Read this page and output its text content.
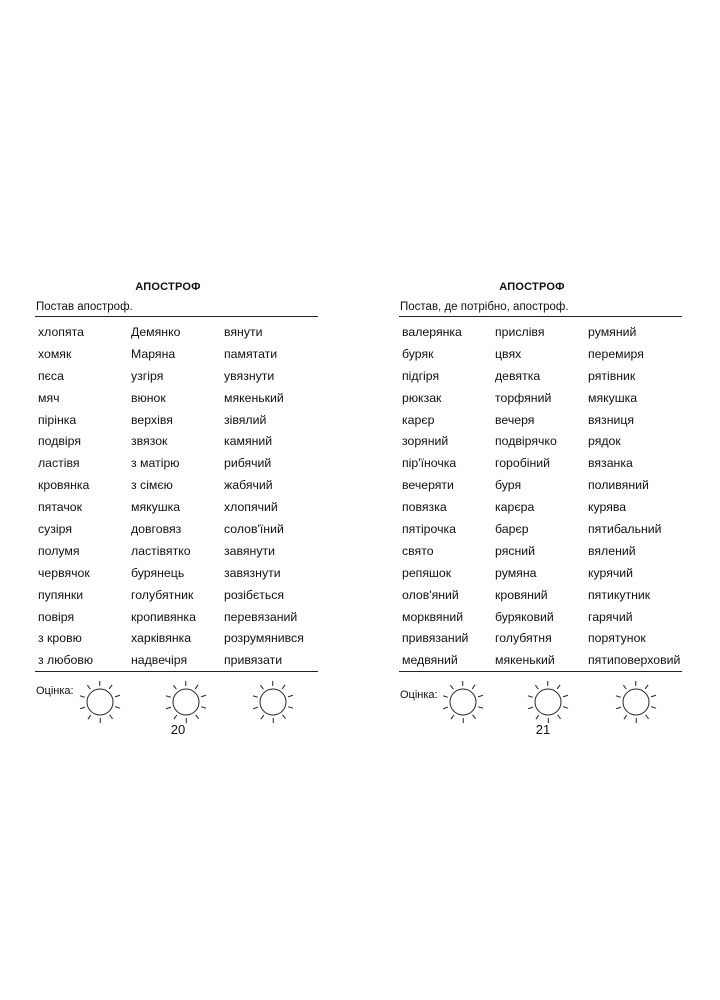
АПОСТРОФ
Постав апостроф.
хлопята	Демянко	вянути
хомяк	Маряна	памятати
пєса	узгіря	увязнути
мяч	вюнок	мякенький
пірінка	верхівя	зівялий
подвіря	звязок	камяний
ластівя	з матірю	рибячий
кровянка	з сімєю	жабячий
пятачок	мякушка	хлопячий
сузіря	довговяз	солов'їний
полумя	ластівятко	завянути
червячок	бурянець	завязнути
пупянки	голубятник	розібється
повіря	кропивянка	перевязаний
з кровю	харківянка	розрумянився
з любовю	надвечіря	привязати
Оцінка:
20
АПОСТРОФ
Постав, де потрібно, апостроф.
валерянка	прислівя	румяний
буряк	цвях	перемиря
підгіря	девятка	рятівник
рюкзак	торфяний	мякушка
карєр	вечеря	вязниця
зоряний	подвірячко	рядок
пір'їночка	горобіний	вязанка
вечеряти	буря	поливяний
повязка	карєра	курява
пятірочка	барєр	пятибальний
свято	рясний	вялений
репяшок	румяна	курячий
олов'яний	кровяний	пятикутник
морквяний	буряковий	гарячий
привязаний	голубятня	порятунок
медвяний	мякенький	пятиповерховий
Оцінка:
21
